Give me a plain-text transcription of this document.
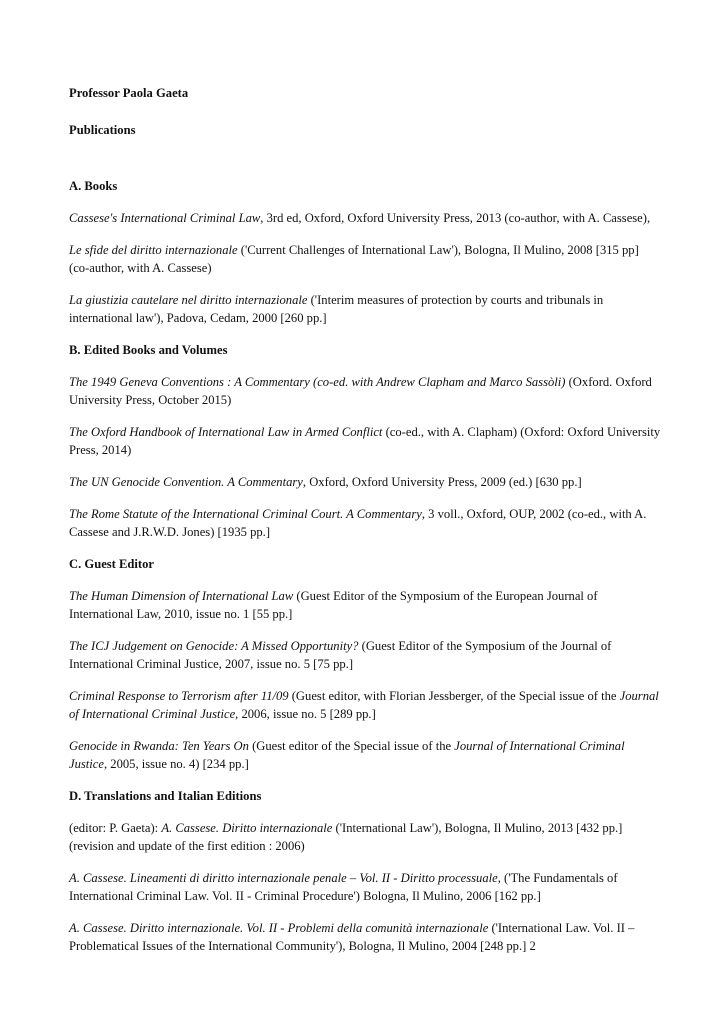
Professor Paola Gaeta
Publications
A. Books

Cassese's International Criminal Law, 3rd ed, Oxford, Oxford University Press, 2013 (co-author, with A. Cassese),

Le sfide del diritto internazionale ('Current Challenges of International Law'), Bologna, Il Mulino, 2008 [315 pp] (co-author, with A. Cassese)

La giustizia cautelare nel diritto internazionale ('Interim measures of protection by courts and tribunals in international law'), Padova, Cedam, 2000 [260 pp.]

B. Edited Books and Volumes

The 1949 Geneva Conventions : A Commentary (co-ed. with Andrew Clapham and Marco Sassòli) (Oxford. Oxford University Press, October 2015)

The Oxford Handbook of International Law in Armed Conflict (co-ed., with A. Clapham) (Oxford: Oxford University Press, 2014)

The UN Genocide Convention. A Commentary, Oxford, Oxford University Press, 2009 (ed.) [630 pp.]

The Rome Statute of the International Criminal Court. A Commentary, 3 voll., Oxford, OUP, 2002 (co-ed., with A. Cassese and J.R.W.D. Jones) [1935 pp.]

C. Guest Editor

The Human Dimension of International Law (Guest Editor of the Symposium of the European Journal of International Law, 2010, issue no. 1 [55 pp.]

The ICJ Judgement on Genocide: A Missed Opportunity? (Guest Editor of the Symposium of the Journal of International Criminal Justice, 2007, issue no. 5 [75 pp.]

Criminal Response to Terrorism after 11/09 (Guest editor, with Florian Jessberger, of the Special issue of the Journal of International Criminal Justice, 2006, issue no. 5 [289 pp.]

Genocide in Rwanda: Ten Years On (Guest editor of the Special issue of the Journal of International Criminal Justice, 2005, issue no. 4) [234 pp.]

D. Translations and Italian Editions

(editor: P. Gaeta): A. Cassese. Diritto internazionale ('International Law'), Bologna, Il Mulino, 2013 [432 pp.] (revision and update of the first edition : 2006)

A. Cassese. Lineamenti di diritto internazionale penale – Vol. II - Diritto processuale, ('The Fundamentals of International Criminal Law. Vol. II - Criminal Procedure') Bologna, Il Mulino, 2006 [162 pp.]

A. Cassese. Diritto internazionale. Vol. II - Problemi della comunità internazionale ('International Law. Vol. II – Problematical Issues of the International Community'), Bologna, Il Mulino, 2004 [248 pp.] 2
